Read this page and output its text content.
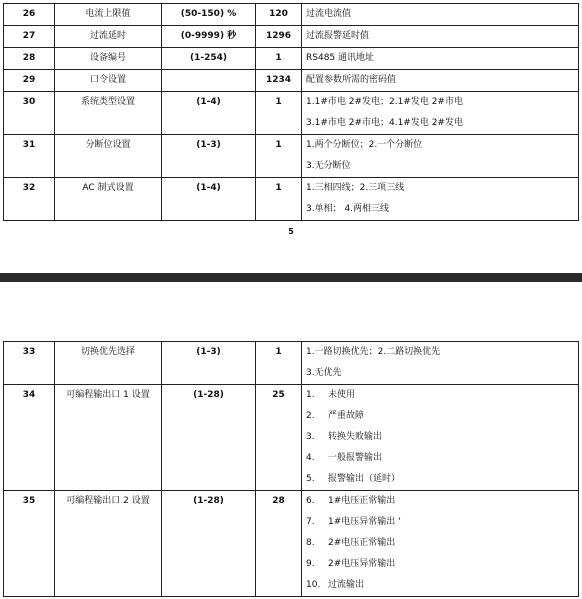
26	电流上限值	(50-150) %	120	过流电流值

27	过流延时	(0-9999) 秒	1296	过流报警延时值

28	设备编号	(1-254)	1	RS485 通讯地址

29	口令设置		1234	配置参数所需的密码值

30	系统类型设置	(1-4)	1	1.1#市电 2#发电；2.1#发电 2#市电
3.1#市电 2#市电；4.1#发电 2#发电

31	分断位设置	(1-3)	1	1.两个分断位；2.一个分断位
3.无分断位

32	AC 制式设置	(1-4)	1	1.三相四线；2.三项三线
3.单相； 4.两相三线
5
33	切换优先选择	(1-3)	1	1.一路切换优先；2.二路切换优先
3.无优先

34	可编程输出口 1 设置	(1-28)	25	1. 未使用
2. 严重故障
3. 转换失败输出
4. 一般报警输出
5. 报警输出（延时）

35	可编程输出口 2 设置	(1-28)	28	6. 1#电压正常输出
7. 1#电压异常输出 ‘
8. 2#电压正常输出
9. 2#电压异常输出
10. 过流输出
